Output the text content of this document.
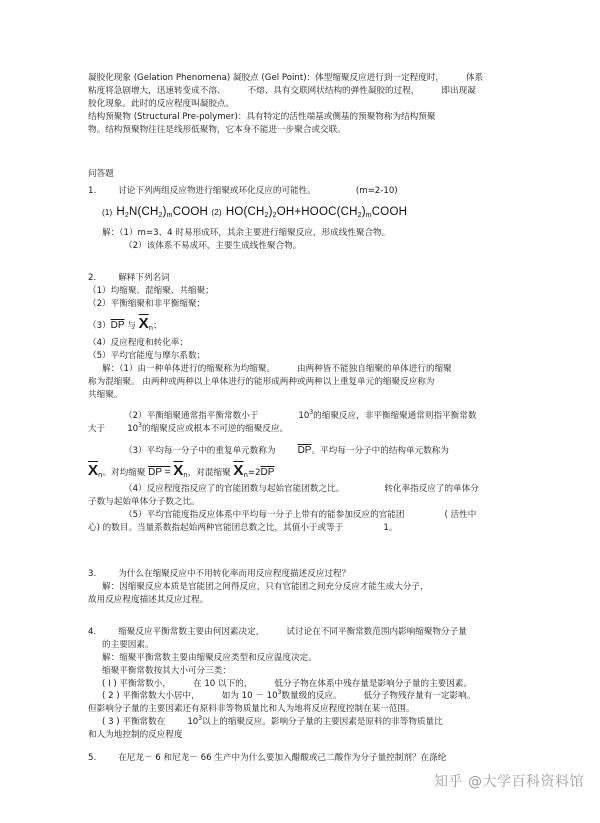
凝胶化现象 (Gelation Phenomena) 凝胶点 (Gel Point)：体型缩聚反应进行到一定程度时，	体系

粘度将急剧增大，迅速转变成不溶、	不熔、具有交联网状结构的弹性凝胶的过程，	即出现凝

胶化现象。此时的反应程度叫凝胶点。

结构预聚物 (Structural Pre-polymer)：具有特定的活性端基或侧基的预聚物称为结构预聚

物。结构预聚物往往是线形低聚物，它本身不能进一步聚合或交联。

问答题

1.	讨论下列两组反应物进行缩聚或环化反应的可能性。	(m=2-10)

(1) $H_2N(CH_2)_mCOOH$ (2) $HO(CH_2)_2OH+HOOC(CH_2)_mCOOH$

解：（1）m=3、4 时易形成环，其余主要进行缩聚反应，形成线性聚合物。

（2）该体系不易成环，主要生成线性聚合物。

2.	解释下列名词

（1）均缩聚、混缩聚、共缩聚；

（2）平衡缩聚和非平衡缩聚；

$(3)\overline{DP}$ 与 $\overline{X}_n$；

（4）反应程度和转化率；

（5）平均官能度与摩尔系数；

解：（1）由一种单体进行的缩聚称为均缩聚。	由两种皆不能独自缩聚的单体进行的缩聚

称为混缩聚。 由两种或两种以上单体进行的能形成两种或两种以上重复单元的缩聚反应称为

共缩聚。

（2）平衡缩聚通常指平衡常数小于	$10^3$的缩聚反应，非平衡缩聚通常则指平衡常数

大于	$10^3$的缩聚反应或根本不可逆的缩聚反应。

（3）平均每一分子中的重复单元数称为 $\overline{DP}$。平均每一分子中的结构单元数称为

$\overline{X}_n$。对均缩聚 DP = $\overline{X}_n$，对混缩聚 $\overline{X}_n=2\overline{DP}$

（4）反应程度指反应了的官能团数与起始官能团数之比。	转化率指反应了的单体分

子数与起始单体分子数之比。

（5）平均官能度指反应体系中平均每一分子上带有的能参加反应的官能团	( 活性中

心) 的数目。当量系数指起始两种官能团总数之比，其值小于或等于	1。

3.	为什么在缩聚反应中不用转化率而用反应程度描述反应过程？

解：因缩聚反应本质是官能团之间得反应，只有官能团之间充分反应才能生成大分子，

故用反应程度描述其反应过程。

4.	缩聚反应平衡常数主要由何因素决定，	试讨论在不同平衡常数范围内影响缩聚物分子量

的主要因素。

解：缩聚平衡常数主要由缩聚反应类型和反应温度决定。

缩聚平衡常数按其大小可分三类：

( Ⅰ ) 平衡常数小，	在 10 以下的，	低分子物在体系中残存量是影响分子量的主要因素。

( 2 ) 平衡常数大小居中，	如为 $10 - 10^3$数量级的反应。	低分子物残存量有一定影响。

但影响分子量的主要因素还有原料非等物质量比和人为地将反应程度控制在某一范围。

( 3 ) 平衡常数在	$10^3$以上的缩聚反应。影响分子量的主要因素是原料的非等物质量比

和人为地控制的反应程度

5.	在尼龙－ 6 和尼龙－ 66 生产中为什么要加入醋酸或己二酸作为分子量控制剂？在涤纶

知乎 @大学百科资料馆
